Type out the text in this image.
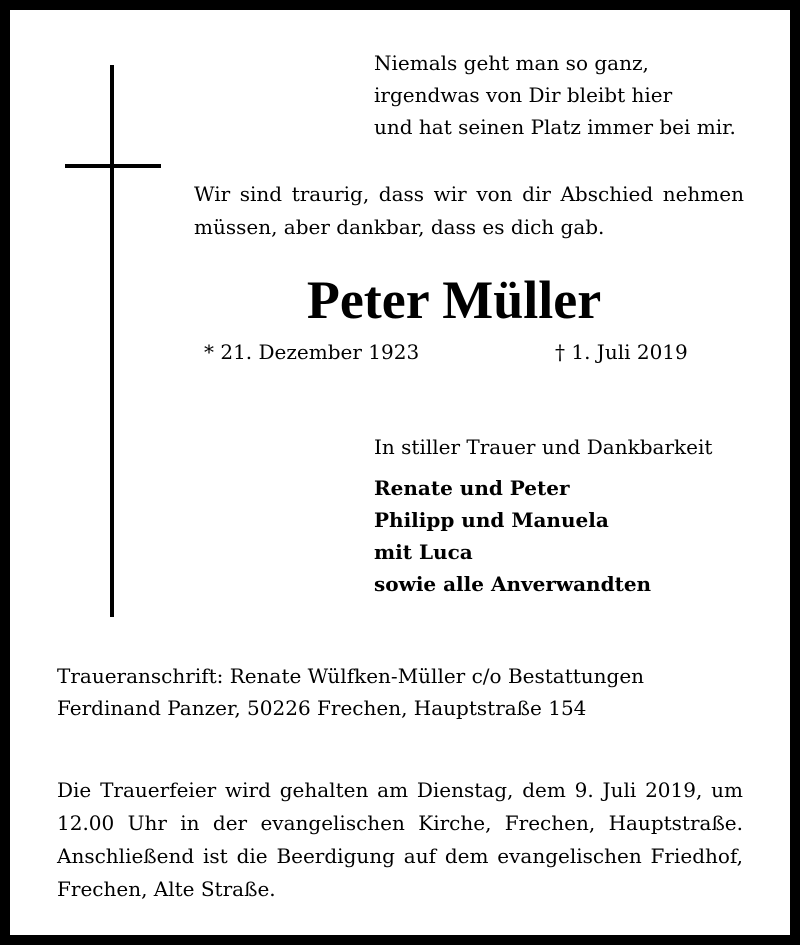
Niemals geht man so ganz,
irgendwas von Dir bleibt hier
und hat seinen Platz immer bei mir.
Wir sind traurig, dass wir von dir Abschied nehmen
müssen, aber dankbar, dass es dich gab.
Peter Müller
* 21. Dezember 1923	† 1. Juli 2019
In stiller Trauer und Dankbarkeit
Renate und Peter
Philipp und Manuela
mit Luca
sowie alle Anverwandten
Traueranschrift: Renate Wülfken-Müller c/o Bestattungen
Ferdinand Panzer, 50226 Frechen, Hauptstraße 154
Die Trauerfeier wird gehalten am Dienstag, dem 9. Juli 2019, um
12.00 Uhr in der evangelischen Kirche, Frechen, Hauptstraße.
Anschließend ist die Beerdigung auf dem evangelischen Friedhof,
Frechen, Alte Straße.
